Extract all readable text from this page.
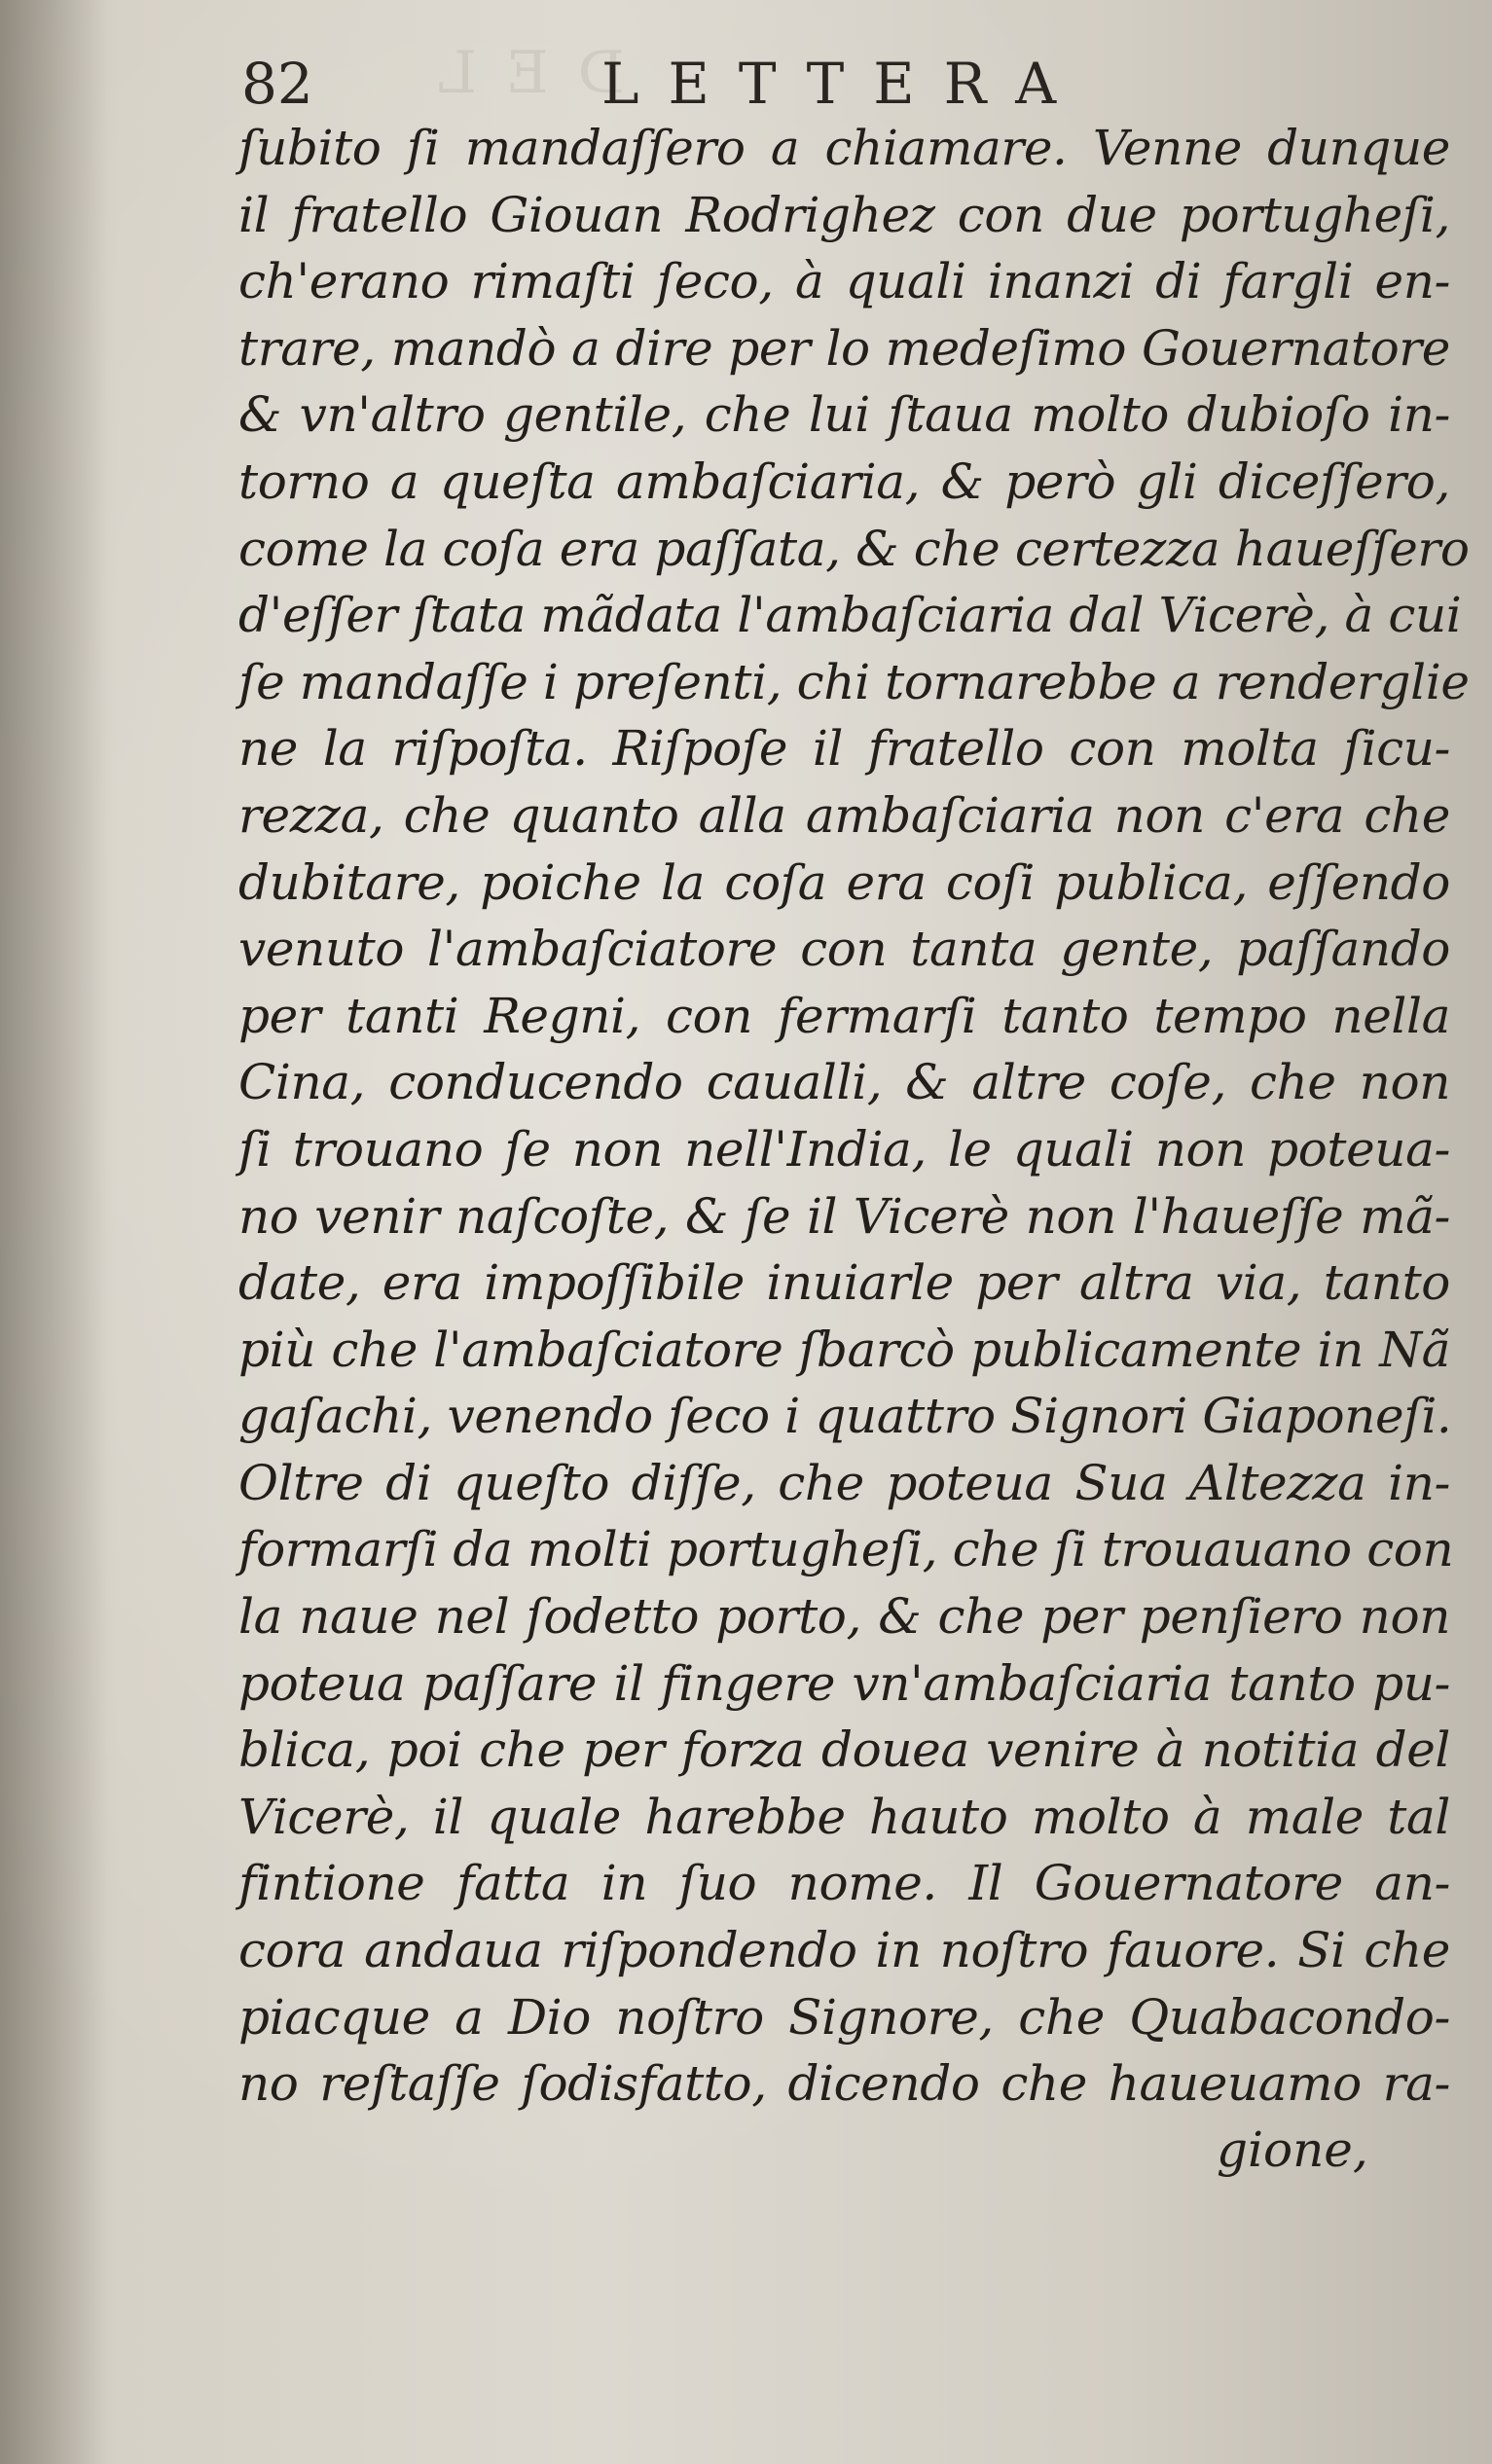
DEL
82	LETTERA
ſubito ſi mandaſſero a chiamare. Venne dunque
il fratello Giouan Rodrighez con due portugheſi,
ch'erano rimaſti ſeco, à quali inanzi di fargli en-
trare, mandò a dire per lo medeſimo Gouernatore
& vn'altro gentile, che lui ſtaua molto dubioſo in-
torno a queſta ambaſciaria, & però gli diceſſero,
come la coſa era paſſata, & che certezza haueſſero
d'eſſer ſtata mãdata l'ambaſciaria dal Vicerè, à cui
ſe mandaſſe i preſenti, chi tornarebbe a renderglie
ne la riſpoſta. Riſpoſe il fratello con molta ſicu-
rezza, che quanto alla ambaſciaria non c'era che
dubitare, poiche la coſa era coſi publica, eſſendo
venuto l'ambaſciatore con tanta gente, paſſando
per tanti Regni, con fermarſi tanto tempo nella
Cina, conducendo caualli, & altre coſe, che non
ſi trouano ſe non nell'India, le quali non poteua-
no venir naſcoſte, & ſe il Vicerè non l'haueſſe mã-
date, era impoſſibile inuiarle per altra via, tanto
più che l'ambaſciatore ſbarcò publicamente in Nã
gaſachi, venendo ſeco i quattro Signori Giaponeſi.
Oltre di queſto diſſe, che poteua Sua Altezza in-
formarſi da molti portugheſi, che ſi trouauano con
la naue nel ſodetto porto, & che per penſiero non
poteua paſſare il fingere vn'ambaſciaria tanto pu-
blica, poi che per forza douea venire à notitia del
Vicerè, il quale harebbe hauto molto à male tal
fintione fatta in ſuo nome. Il Gouernatore an-
cora andaua riſpondendo in noſtro fauore. Si che
piacque a Dio noſtro Signore, che Quabacondo-
no reſtaſſe ſodisfatto, dicendo che haueuamo ra-
gione,
